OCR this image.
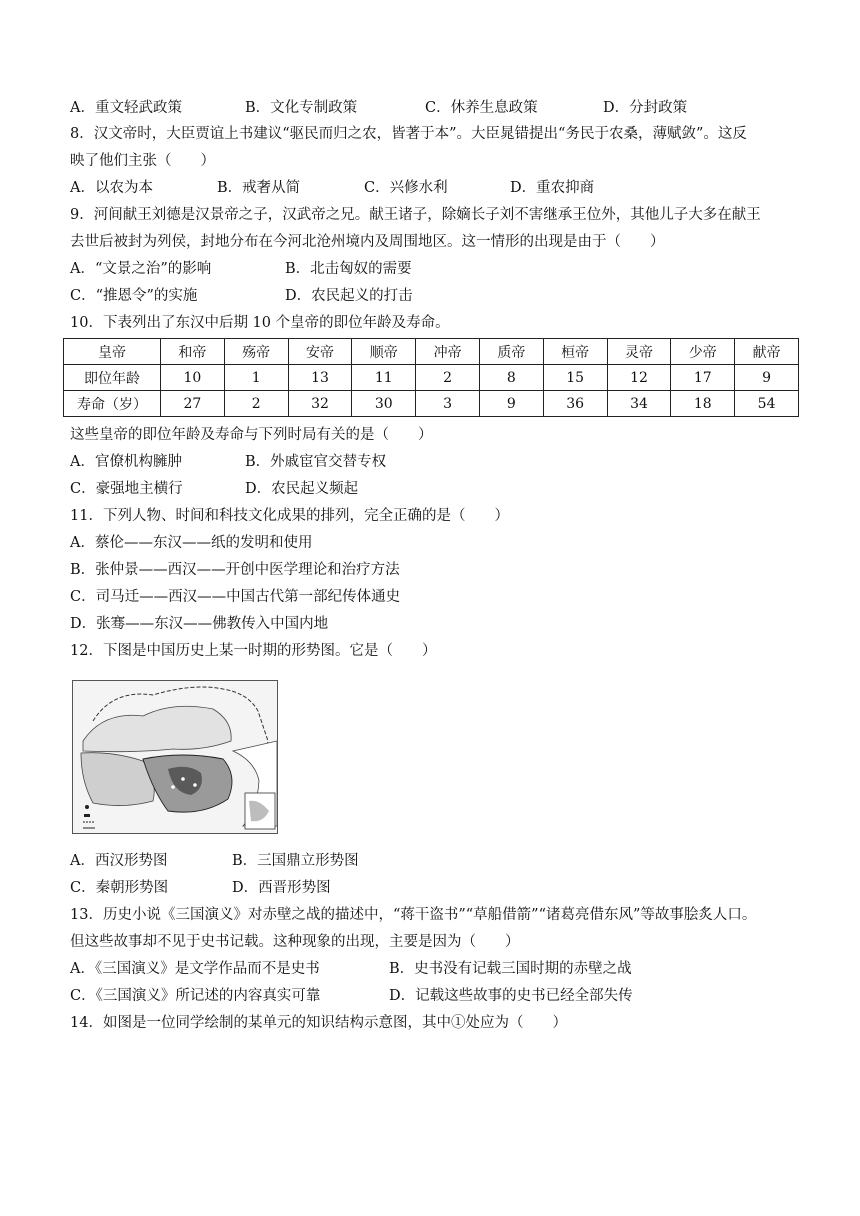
A．重文轻武政策	B．文化专制政策	C．休养生息政策	D．分封政策
8．汉文帝时，大臣贾谊上书建议“驱民而归之农，皆著于本”。大臣晁错提出“务民于农桑，薄赋敛”。这反
映了他们主张（　　）
A．以农为本	B．戒奢从简	C．兴修水利	D．重农抑商
9．河间献王刘德是汉景帝之子，汉武帝之兄。献王诸子，除嫡长子刘不害继承王位外，其他儿子大多在献王
去世后被封为列侯，封地分布在今河北沧州境内及周围地区。这一情形的出现是由于（　　）
A．“文景之治”的影响	B．北击匈奴的需要
C．“推恩令”的实施	D．农民起义的打击
10．下表列出了东汉中后期 10 个皇帝的即位年龄及寿命。
皇帝	和帝	殇帝	安帝	顺帝	冲帝	质帝	桓帝	灵帝	少帝	献帝
即位年龄	10	1	13	11	2	8	15	12	17	9
寿命（岁）	27	2	32	30	3	9	36	34	18	54
这些皇帝的即位年龄及寿命与下列时局有关的是（　　）
A．官僚机构臃肿	B．外戚宦官交替专权
C．豪强地主横行	D．农民起义频起
11．下列人物、时间和科技文化成果的排列，完全正确的是（　　）
A．蔡伦——东汉——纸的发明和使用
B．张仲景——西汉——开创中医学理论和治疗方法
C．司马迁——西汉——中国古代第一部纪传体通史
D．张骞——东汉——佛教传入中国内地
12．下图是中国历史上某一时期的形势图。它是（　　）
A．西汉形势图	B．三国鼎立形势图
C．秦朝形势图	D．西晋形势图
13．历史小说《三国演义》对赤壁之战的描述中，“蒋干盗书”“草船借箭”“诸葛亮借东风”等故事脍炙人口。
但这些故事却不见于史书记载。这种现象的出现，主要是因为（　　）
A．《三国演义》是文学作品而不是史书	B．史书没有记载三国时期的赤壁之战
C．《三国演义》所记述的内容真实可靠	D．记载这些故事的史书已经全部失传
14．如图是一位同学绘制的某单元的知识结构示意图，其中①处应为（　　）
